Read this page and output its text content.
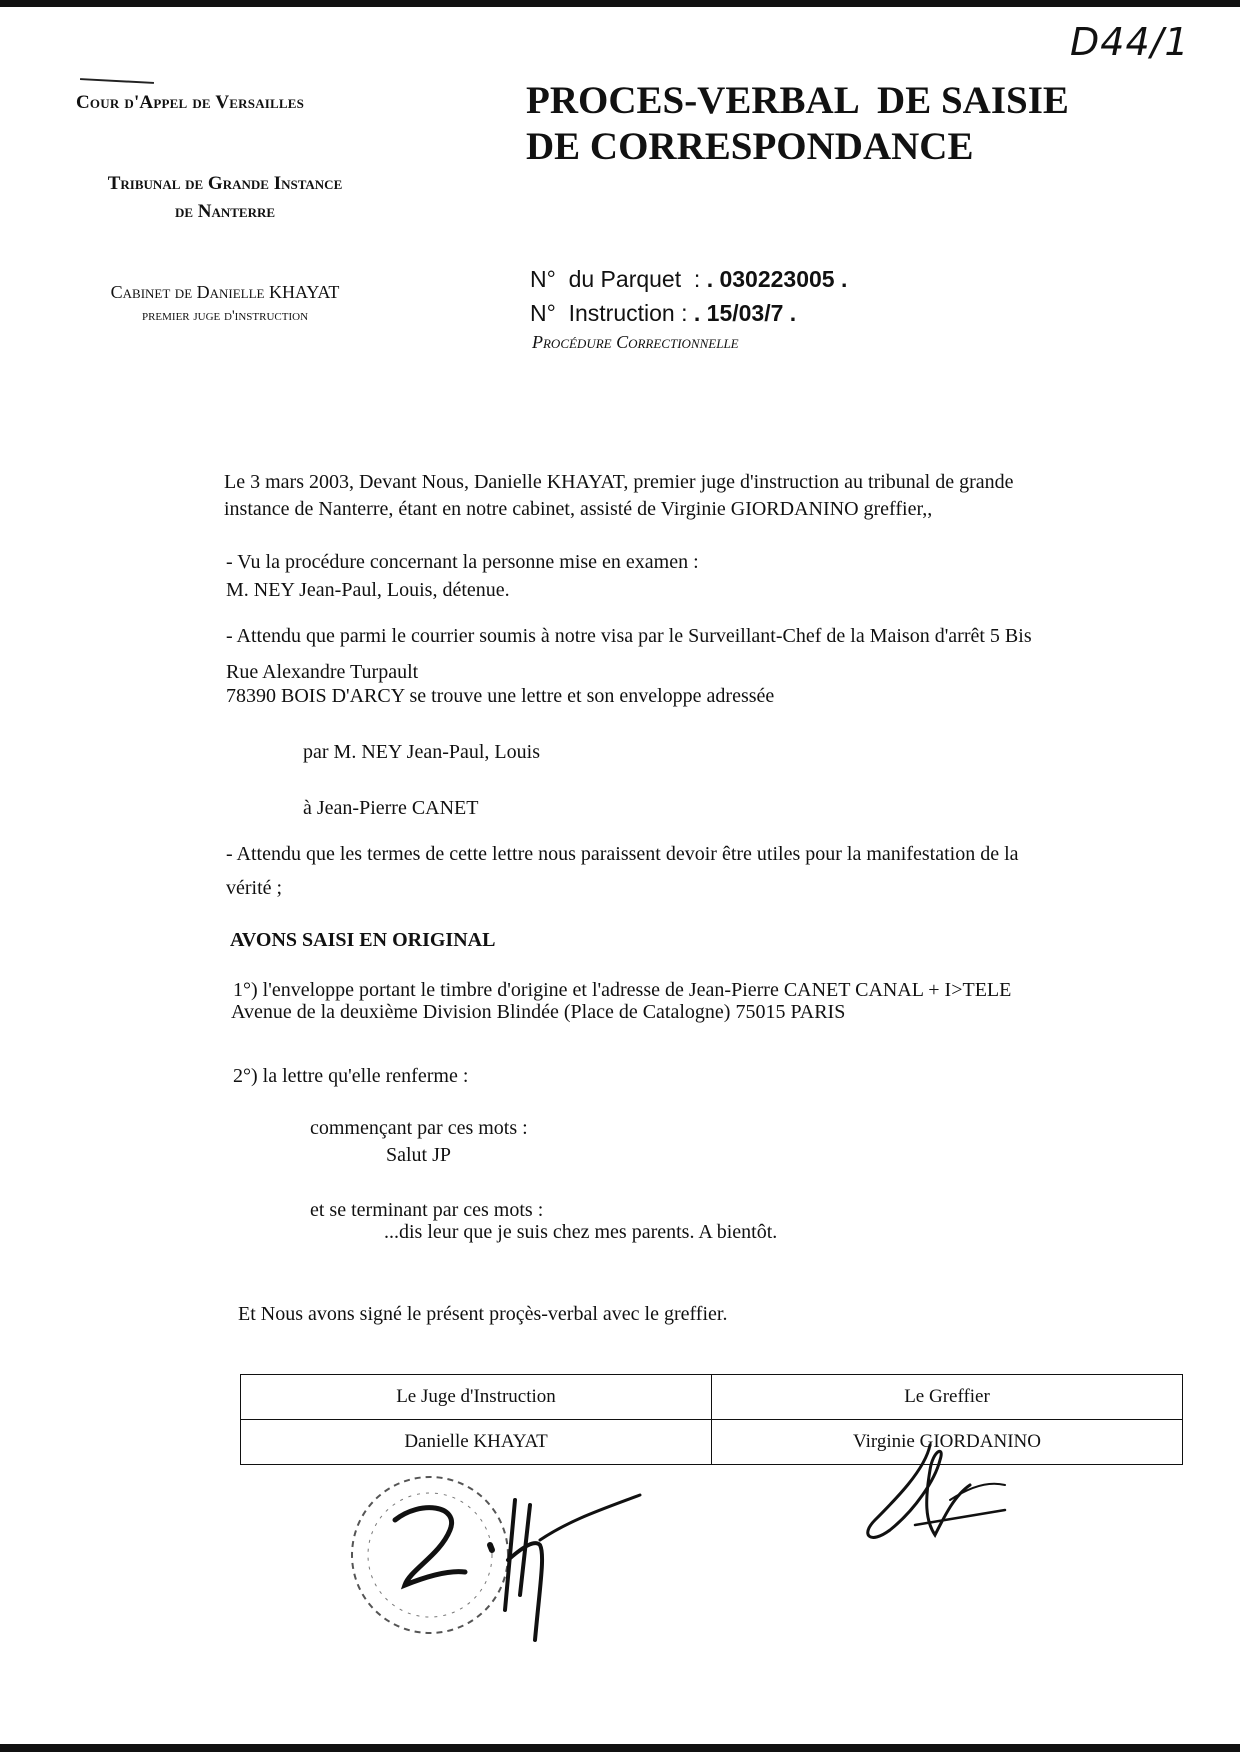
Cour d'Appel de Versailles
Tribunal de Grande Instance
de Nanterre
Cabinet de Danielle KHAYAT
premier juge d'instruction
D44/1
PROCES-VERBAL  DE SAISIE
DE CORRESPONDANCE
N°  du Parquet  : . 030223005 .
N°  Instruction : . 15/03/7 .
Procédure Correctionnelle
Le 3 mars 2003, Devant Nous, Danielle KHAYAT, premier juge d'instruction au tribunal de grande
instance de Nanterre, étant en notre cabinet, assisté de Virginie GIORDANINO greffier,,
- Vu la procédure concernant la personne mise en examen :
M. NEY Jean-Paul, Louis, détenue.
- Attendu que parmi le courrier soumis à notre visa par le Surveillant-Chef de la Maison d'arrêt 5 Bis
Rue Alexandre Turpault
78390 BOIS D'ARCY se trouve une lettre et son enveloppe adressée
par M. NEY Jean-Paul, Louis
à Jean-Pierre CANET
- Attendu que les termes de cette lettre nous paraissent devoir être utiles pour la manifestation de la
vérité ;
AVONS SAISI EN ORIGINAL
1°) l'enveloppe portant le timbre d'origine et l'adresse de Jean-Pierre CANET CANAL + I>TELE
Avenue de la deuxième Division Blindée (Place de Catalogne) 75015 PARIS
2°) la lettre qu'elle renferme :
commençant par ces mots :
Salut JP
et se terminant par ces mots :
...dis leur que je suis chez mes parents. A bientôt.
Et Nous avons signé le présent proçès-verbal avec le greffier.
Le Juge d'Instruction	Le Greffier
Danielle KHAYAT	Virginie GIORDANINO
